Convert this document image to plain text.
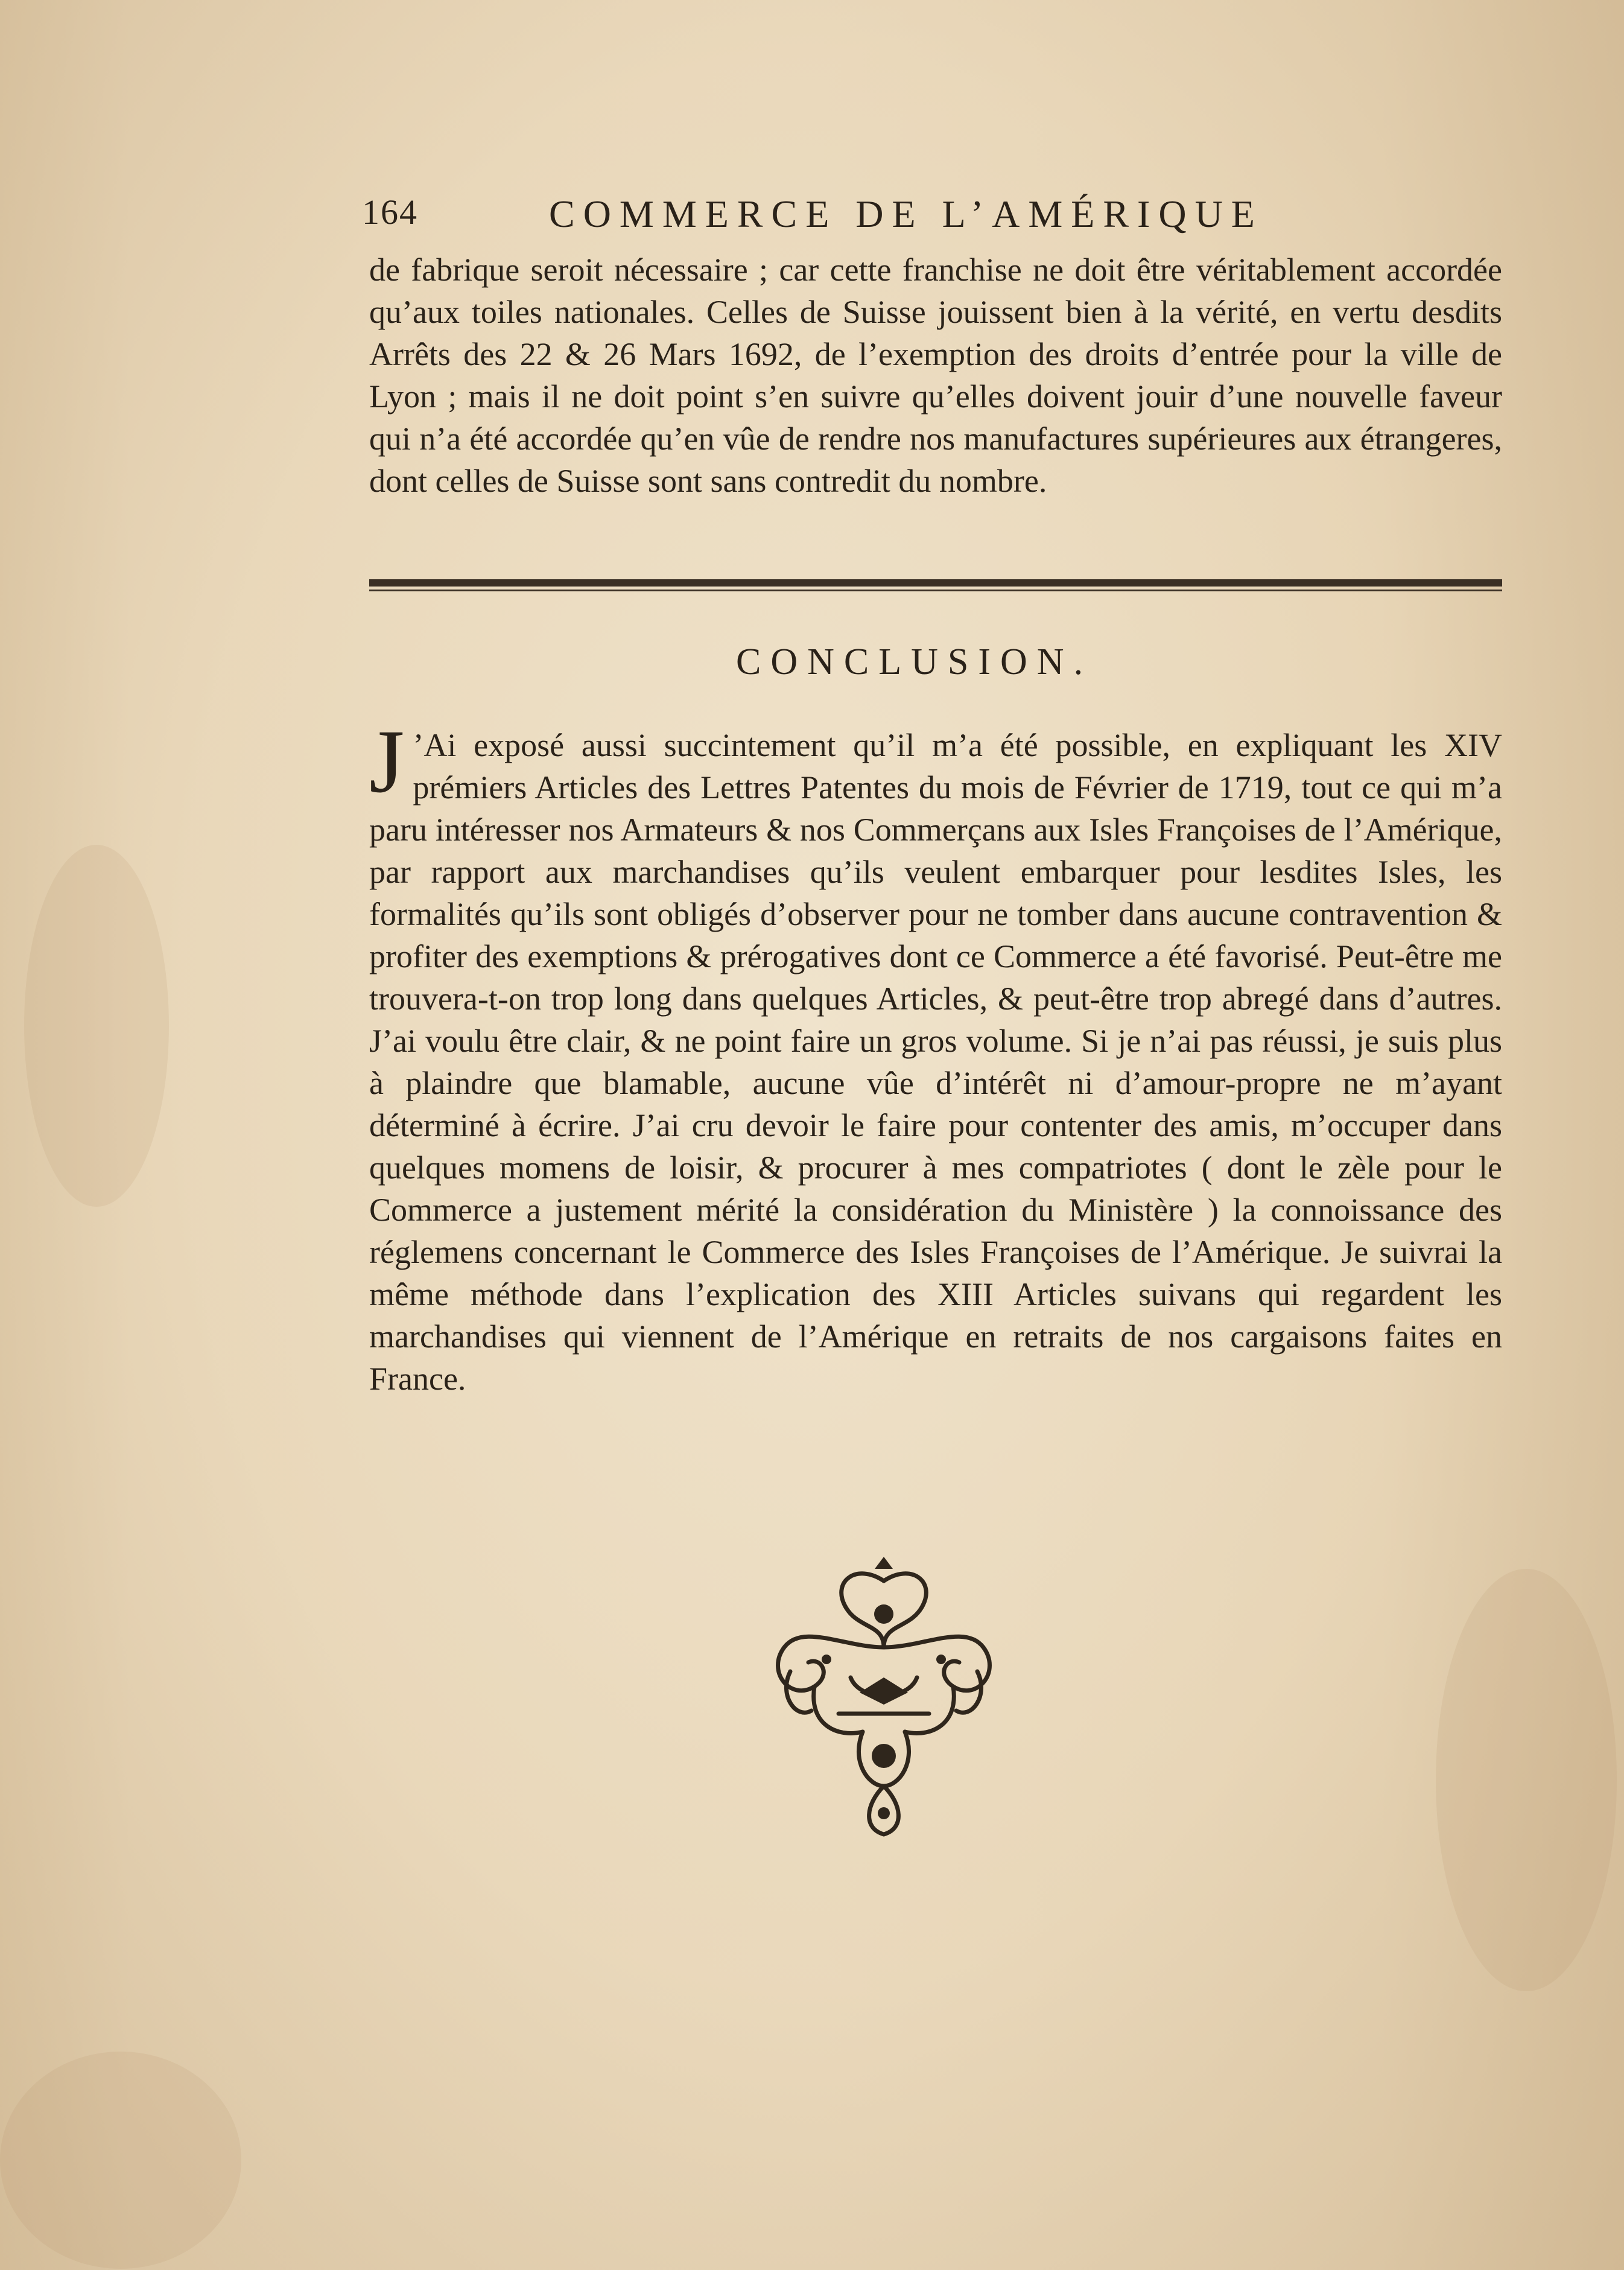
164	COMMERCE DE L’AMÉRIQUE
de fabrique seroit nécessaire ; car cette franchise ne doit être véritablement accordée qu’aux toiles nationales. Celles de Suisse jouissent bien à la vérité, en vertu desdits Arrêts des 22 & 26 Mars 1692, de l’exemption des droits d’entrée pour la ville de Lyon ; mais il ne doit point s’en suivre qu’elles doivent jouir d’une nouvelle faveur qui n’a été accordée qu’en vûe de rendre nos manufactures supérieures aux étrangeres, dont celles de Suisse sont sans contredit du nombre.
CONCLUSION.
J ’Ai exposé aussi succintement qu’il m’a été possible, en expliquant les XIV prémiers Articles des Lettres Patentes du mois de Février de 1719, tout ce qui m’a paru intéresser nos Armateurs & nos Commerçans aux Isles Françoises de l’Amérique, par rapport aux marchandises qu’ils veulent embarquer pour lesdites Isles, les formalités qu’ils sont obligés d’observer pour ne tomber dans aucune contravention & profiter des exemptions & prérogatives dont ce Commerce a été favorisé. Peut-être me trouvera-t-on trop long dans quelques Articles, & peut-être trop abregé dans d’autres. J’ai voulu être clair, & ne point faire un gros volume. Si je n’ai pas réussi, je suis plus à plaindre que blamable, aucune vûe d’intérêt ni d’amour-propre ne m’ayant déterminé à écrire. J’ai cru devoir le faire pour contenter des amis, m’occuper dans quelques momens de loisir, & procurer à mes compatriotes ( dont le zèle pour le Commerce a justement mérité la considération du Ministère ) la connoissance des réglemens concernant le Commerce des Isles Françoises de l’Amérique. Je suivrai la même méthode dans l’explication des XIII Articles suivans qui regardent les marchandises qui viennent de l’Amérique en retraits de nos cargaisons faites en France.
